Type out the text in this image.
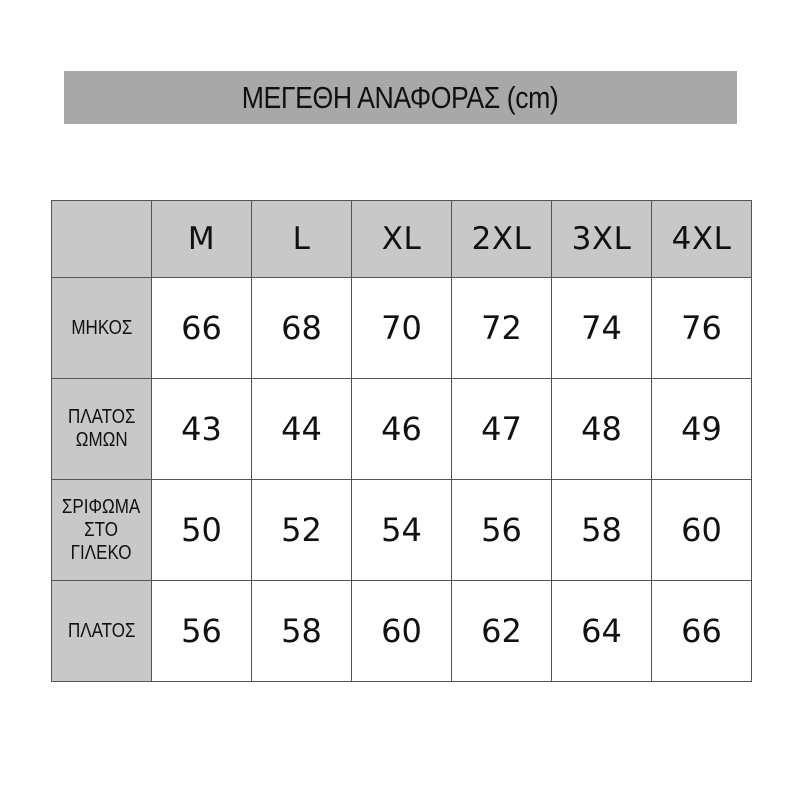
ΜΕΓΕΘΗ ΑΝΑΦΟΡΑΣ (cm)
	M	L	XL	2XL	3XL	4XL
ΜΗΚΟΣ	66	68	70	72	74	76
ΠΛΑΤΟΣ
ΩΜΩΝ	43	44	46	47	48	49
ΣΡΙΦΩΜΑ
ΣΤΟ
ΓΙΛΕΚΟ	50	52	54	56	58	60
ΠΛΑΤΟΣ	56	58	60	62	64	66
